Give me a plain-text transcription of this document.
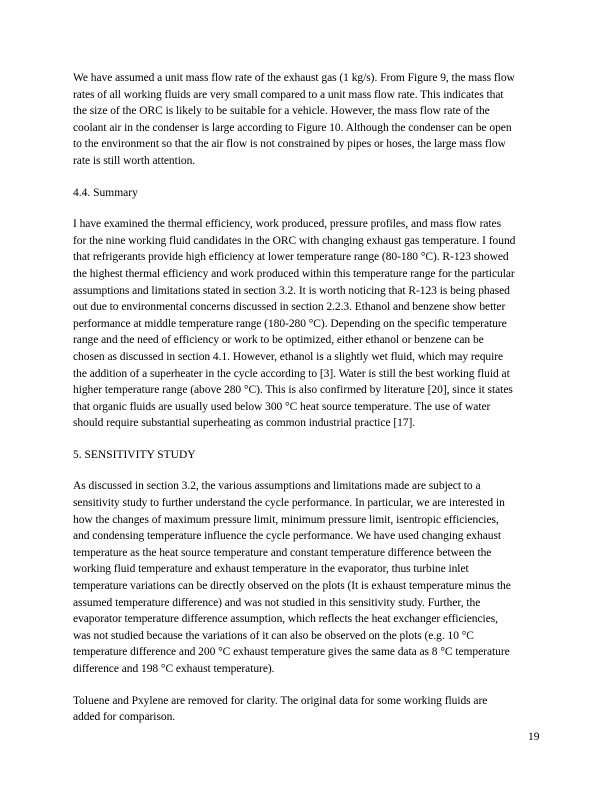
We have assumed a unit mass flow rate of the exhaust gas (1 kg/s). From Figure 9, the mass flow
rates of all working fluids are very small compared to a unit mass flow rate. This indicates that
the size of the ORC is likely to be suitable for a vehicle. However, the mass flow rate of the
coolant air in the condenser is large according to Figure 10. Although the condenser can be open
to the environment so that the air flow is not constrained by pipes or hoses, the large mass flow
rate is still worth attention.

4.4. Summary

I have examined the thermal efficiency, work produced, pressure profiles, and mass flow rates
for the nine working fluid candidates in the ORC with changing exhaust gas temperature. I found
that refrigerants provide high efficiency at lower temperature range (80-180 °C). R-123 showed
the highest thermal efficiency and work produced within this temperature range for the particular
assumptions and limitations stated in section 3.2. It is worth noticing that R-123 is being phased
out due to environmental concerns discussed in section 2.2.3. Ethanol and benzene show better
performance at middle temperature range (180-280 °C). Depending on the specific temperature
range and the need of efficiency or work to be optimized, either ethanol or benzene can be
chosen as discussed in section 4.1. However, ethanol is a slightly wet fluid, which may require
the addition of a superheater in the cycle according to [3]. Water is still the best working fluid at
higher temperature range (above 280 °C). This is also confirmed by literature [20], since it states
that organic fluids are usually used below 300 °C heat source temperature. The use of water
should require substantial superheating as common industrial practice [17].

5. SENSITIVITY STUDY

As discussed in section 3.2, the various assumptions and limitations made are subject to a
sensitivity study to further understand the cycle performance. In particular, we are interested in
how the changes of maximum pressure limit, minimum pressure limit, isentropic efficiencies,
and condensing temperature influence the cycle performance. We have used changing exhaust
temperature as the heat source temperature and constant temperature difference between the
working fluid temperature and exhaust temperature in the evaporator, thus turbine inlet
temperature variations can be directly observed on the plots (It is exhaust temperature minus the
assumed temperature difference) and was not studied in this sensitivity study. Further, the
evaporator temperature difference assumption, which reflects the heat exchanger efficiencies,
was not studied because the variations of it can also be observed on the plots (e.g. 10 °C
temperature difference and 200 °C exhaust temperature gives the same data as 8 °C temperature
difference and 198 °C exhaust temperature).

Toluene and Pxylene are removed for clarity. The original data for some working fluids are
added for comparison.

19
